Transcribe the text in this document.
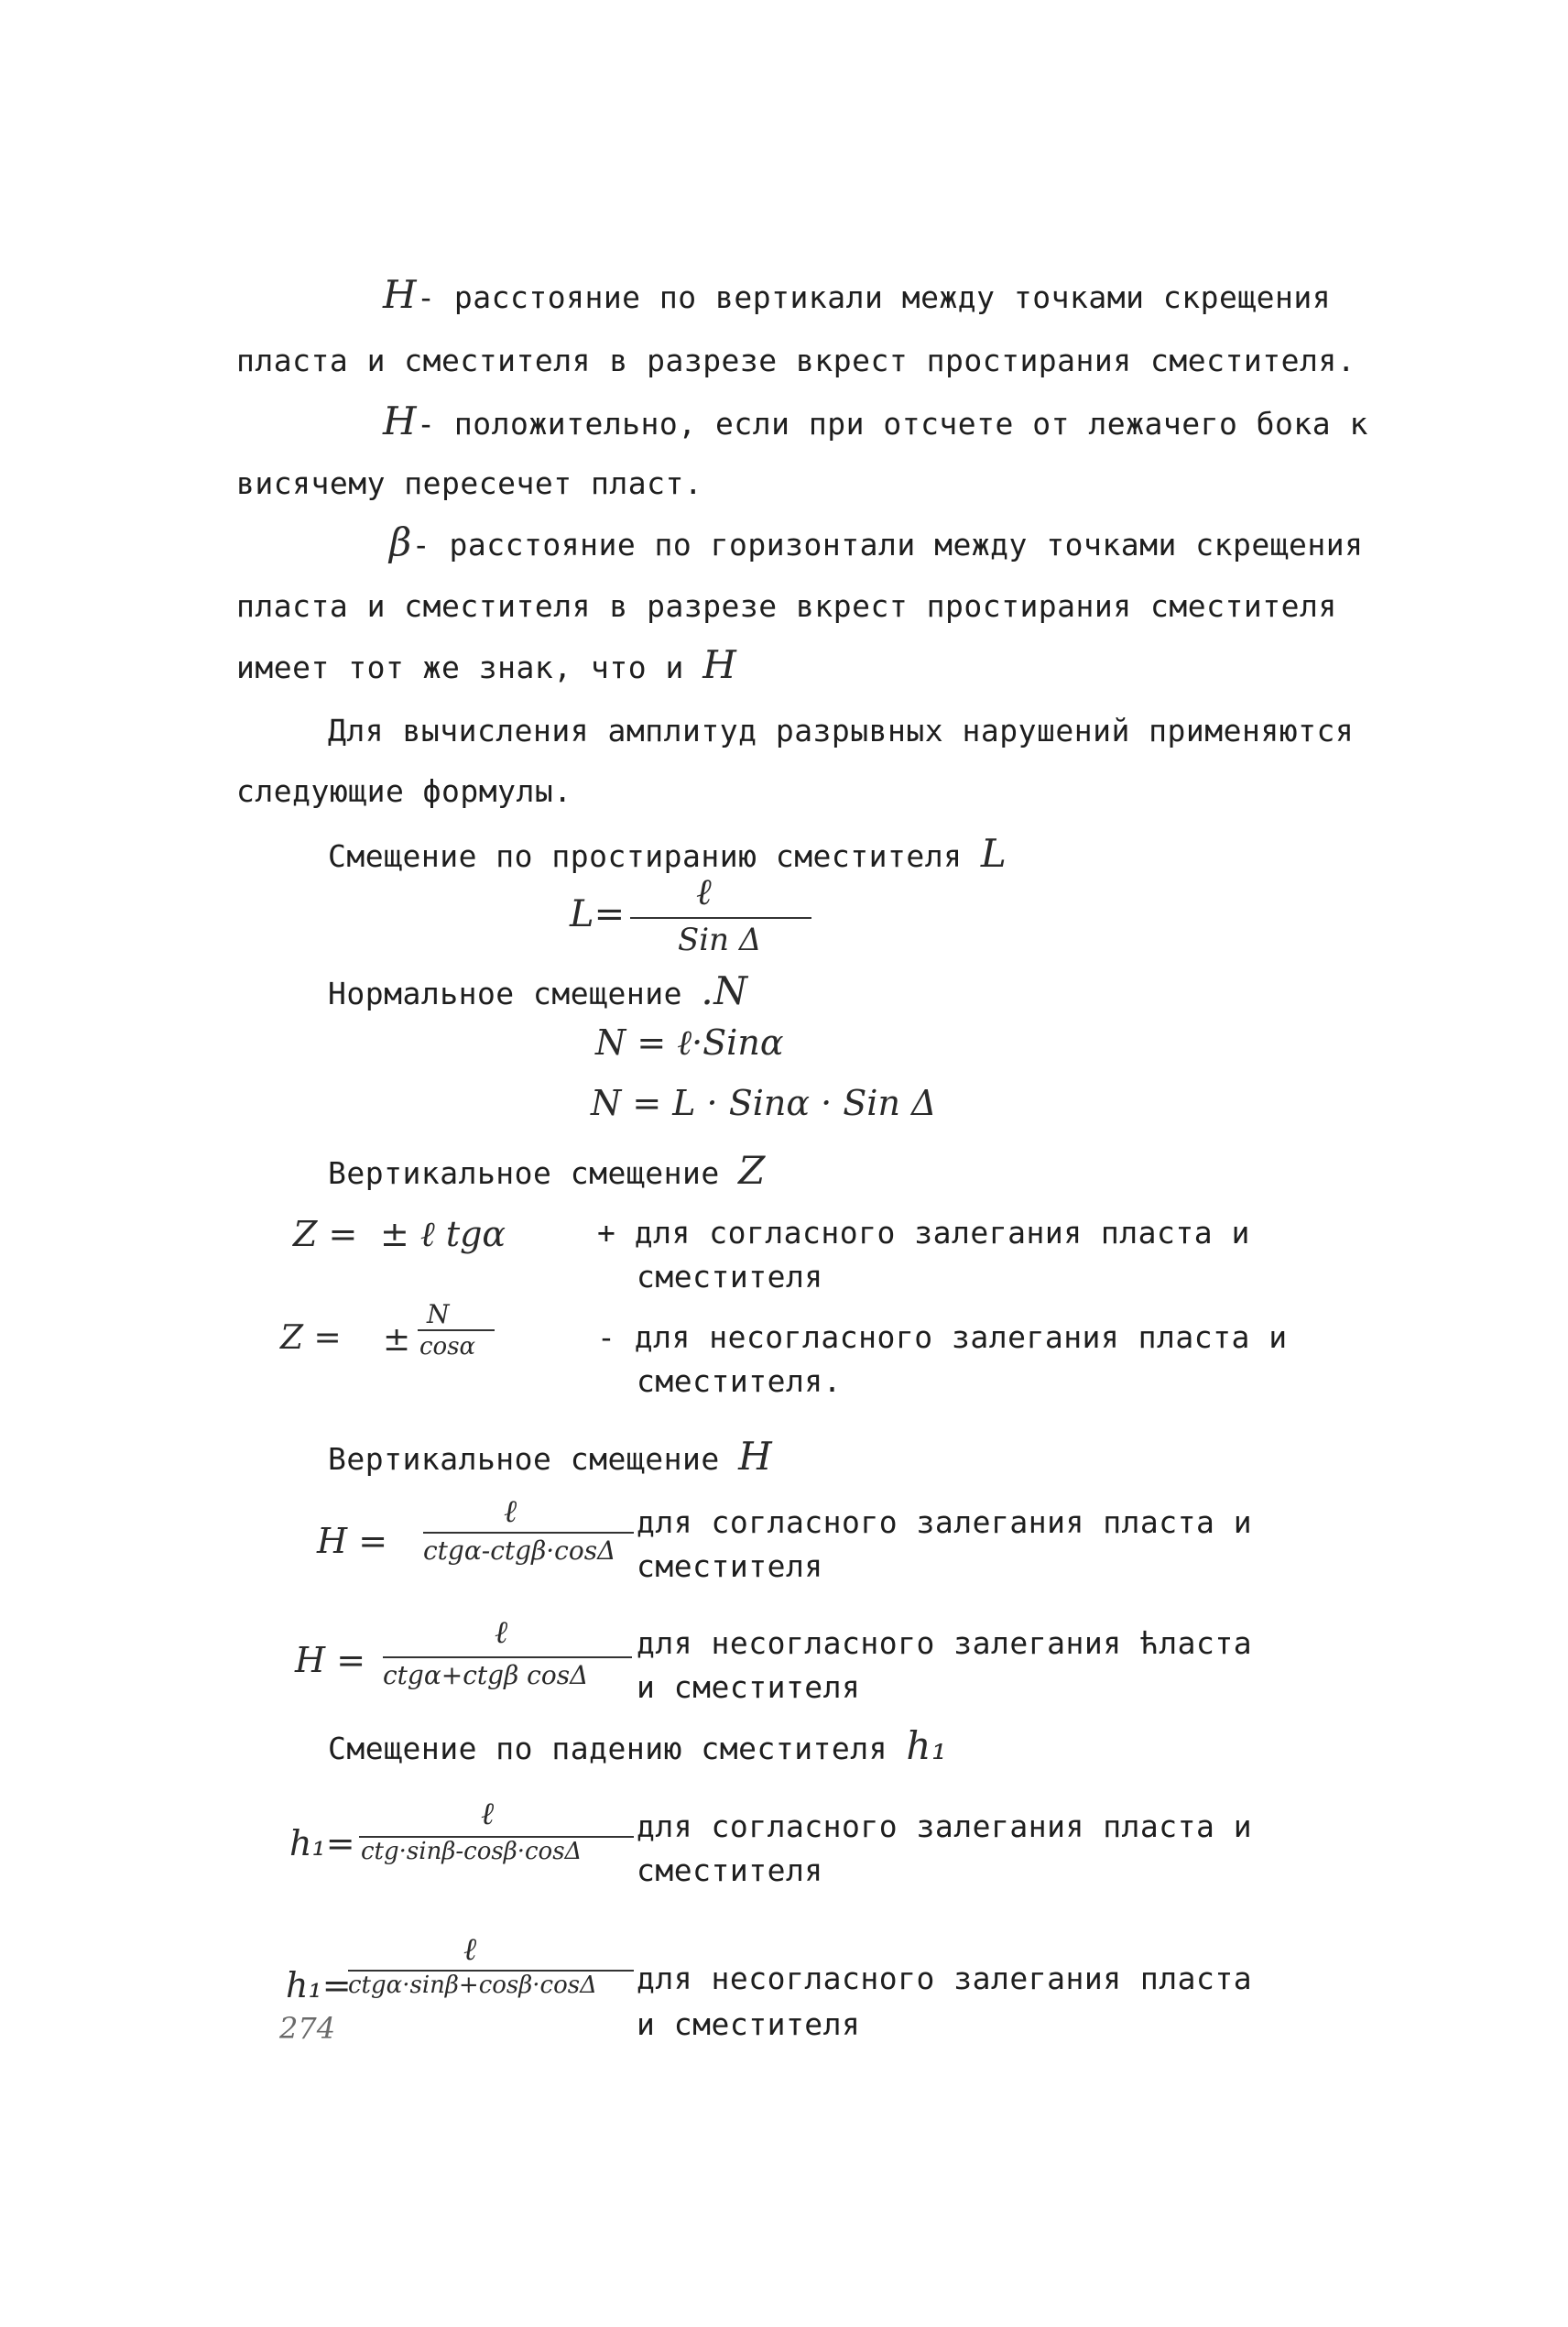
H- расстояние по вертикали между точками скрещения
пласта и сместителя в разрезе вкрест простирания сместителя.
H- положительно, если при отсчете от лежачего бока к
висячему пересечет пласт.
β- расстояние по горизонтали между точками скрещения
пласта и сместителя в разрезе вкрест простирания сместителя
имеет тот же знак, что и H
Для вычисления амплитуд разрывных нарушений применяются
следующие формулы.
Смещение по простиранию сместителя L
L=
ℓ
Sin Δ
Нормальное смещение .N
N = ℓ·Sinα
N = L · Sinα · Sin Δ
Вертикальное смещение Z
Z = ± ℓ tgα	+ для согласного залегания пласта и
сместителя
Z = ±
N
cosα	- для несогласного залегания пласта и
сместителя.
Вертикальное смещение H
H =
ℓ
ctgα-ctgβ·cosΔ
для согласного залегания пласта и
сместителя
H =
ℓ
ctgα+ctgβ cosΔ
для несогласного залегания ћласта
и сместителя
Смещение по падению сместителя h₁
h₁=
ℓ
ctg·sinβ-cosβ·cosΔ
для согласного залегания пласта и
сместителя
h₁=
ℓ
ctgα·sinβ+cosβ·cosΔ для несогласного залегания пласта
и сместителя
274
